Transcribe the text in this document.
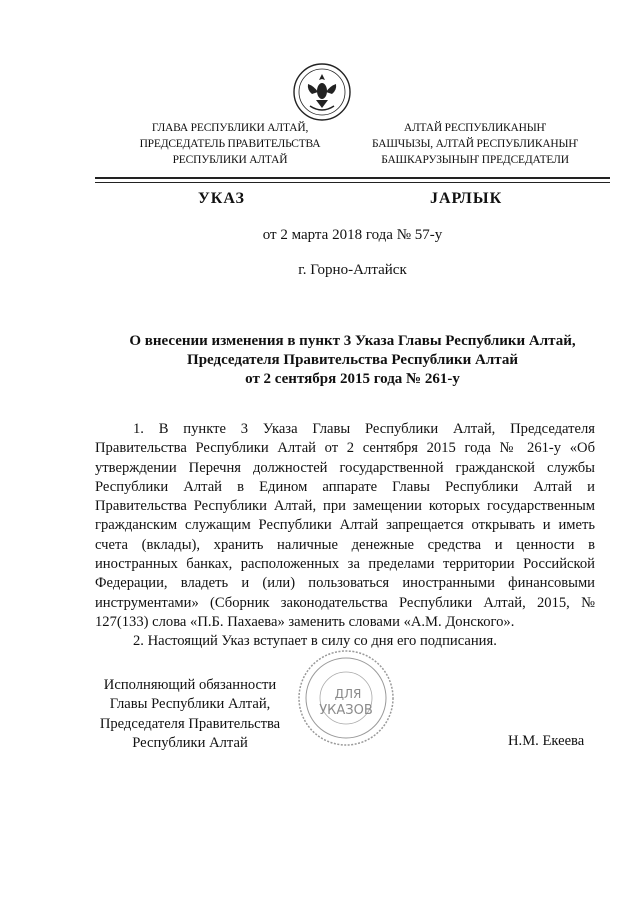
ГЛАВА РЕСПУБЛИКИ АЛТАЙ,
ПРЕДСЕДАТЕЛЬ ПРАВИТЕЛЬСТВА
РЕСПУБЛИКИ АЛТАЙ
АЛТАЙ РЕСПУБЛИКАНЫҤ
БАШЧЫЗЫ, АЛТАЙ РЕСПУБЛИКАНЫҤ
БАШКАРУЗЫНЫҤ ПРЕДСЕДАТЕЛИ
УКАЗ	JАРЛЫК
от 2 марта 2018 года № 57-у
г. Горно-Алтайск
О внесении изменения в пункт 3 Указа Главы Республики Алтай,
Председателя Правительства Республики Алтай
от 2 сентября 2015 года № 261-у

1. В пункте 3 Указа Главы Республики Алтай, Председателя Правительства Республики Алтай от 2 сентября 2015 года № 261-у «Об утверждении Перечня должностей государственной гражданской службы Республики Алтай в Едином аппарате Главы Республики Алтай и Правительства Республики Алтай, при замещении которых государственным гражданским служащим Республики Алтай запрещается открывать и иметь счета (вклады), хранить наличные денежные средства и ценности в иностранных банках, расположенных за пределами территории Российской Федерации, владеть и (или) пользоваться иностранными финансовыми инструментами» (Сборник законодательства Республики Алтай, 2015, № 127(133) слова «П.Б. Пахаева» заменить словами «А.М. Донского».

2. Настоящий Указ вступает в силу со дня его подписания.

Исполняющий обязанности
Главы Республики Алтай,
Председателя Правительства
Республики Алтай
ДЛЯ
УКАЗОВ
Н.М. Екеева
